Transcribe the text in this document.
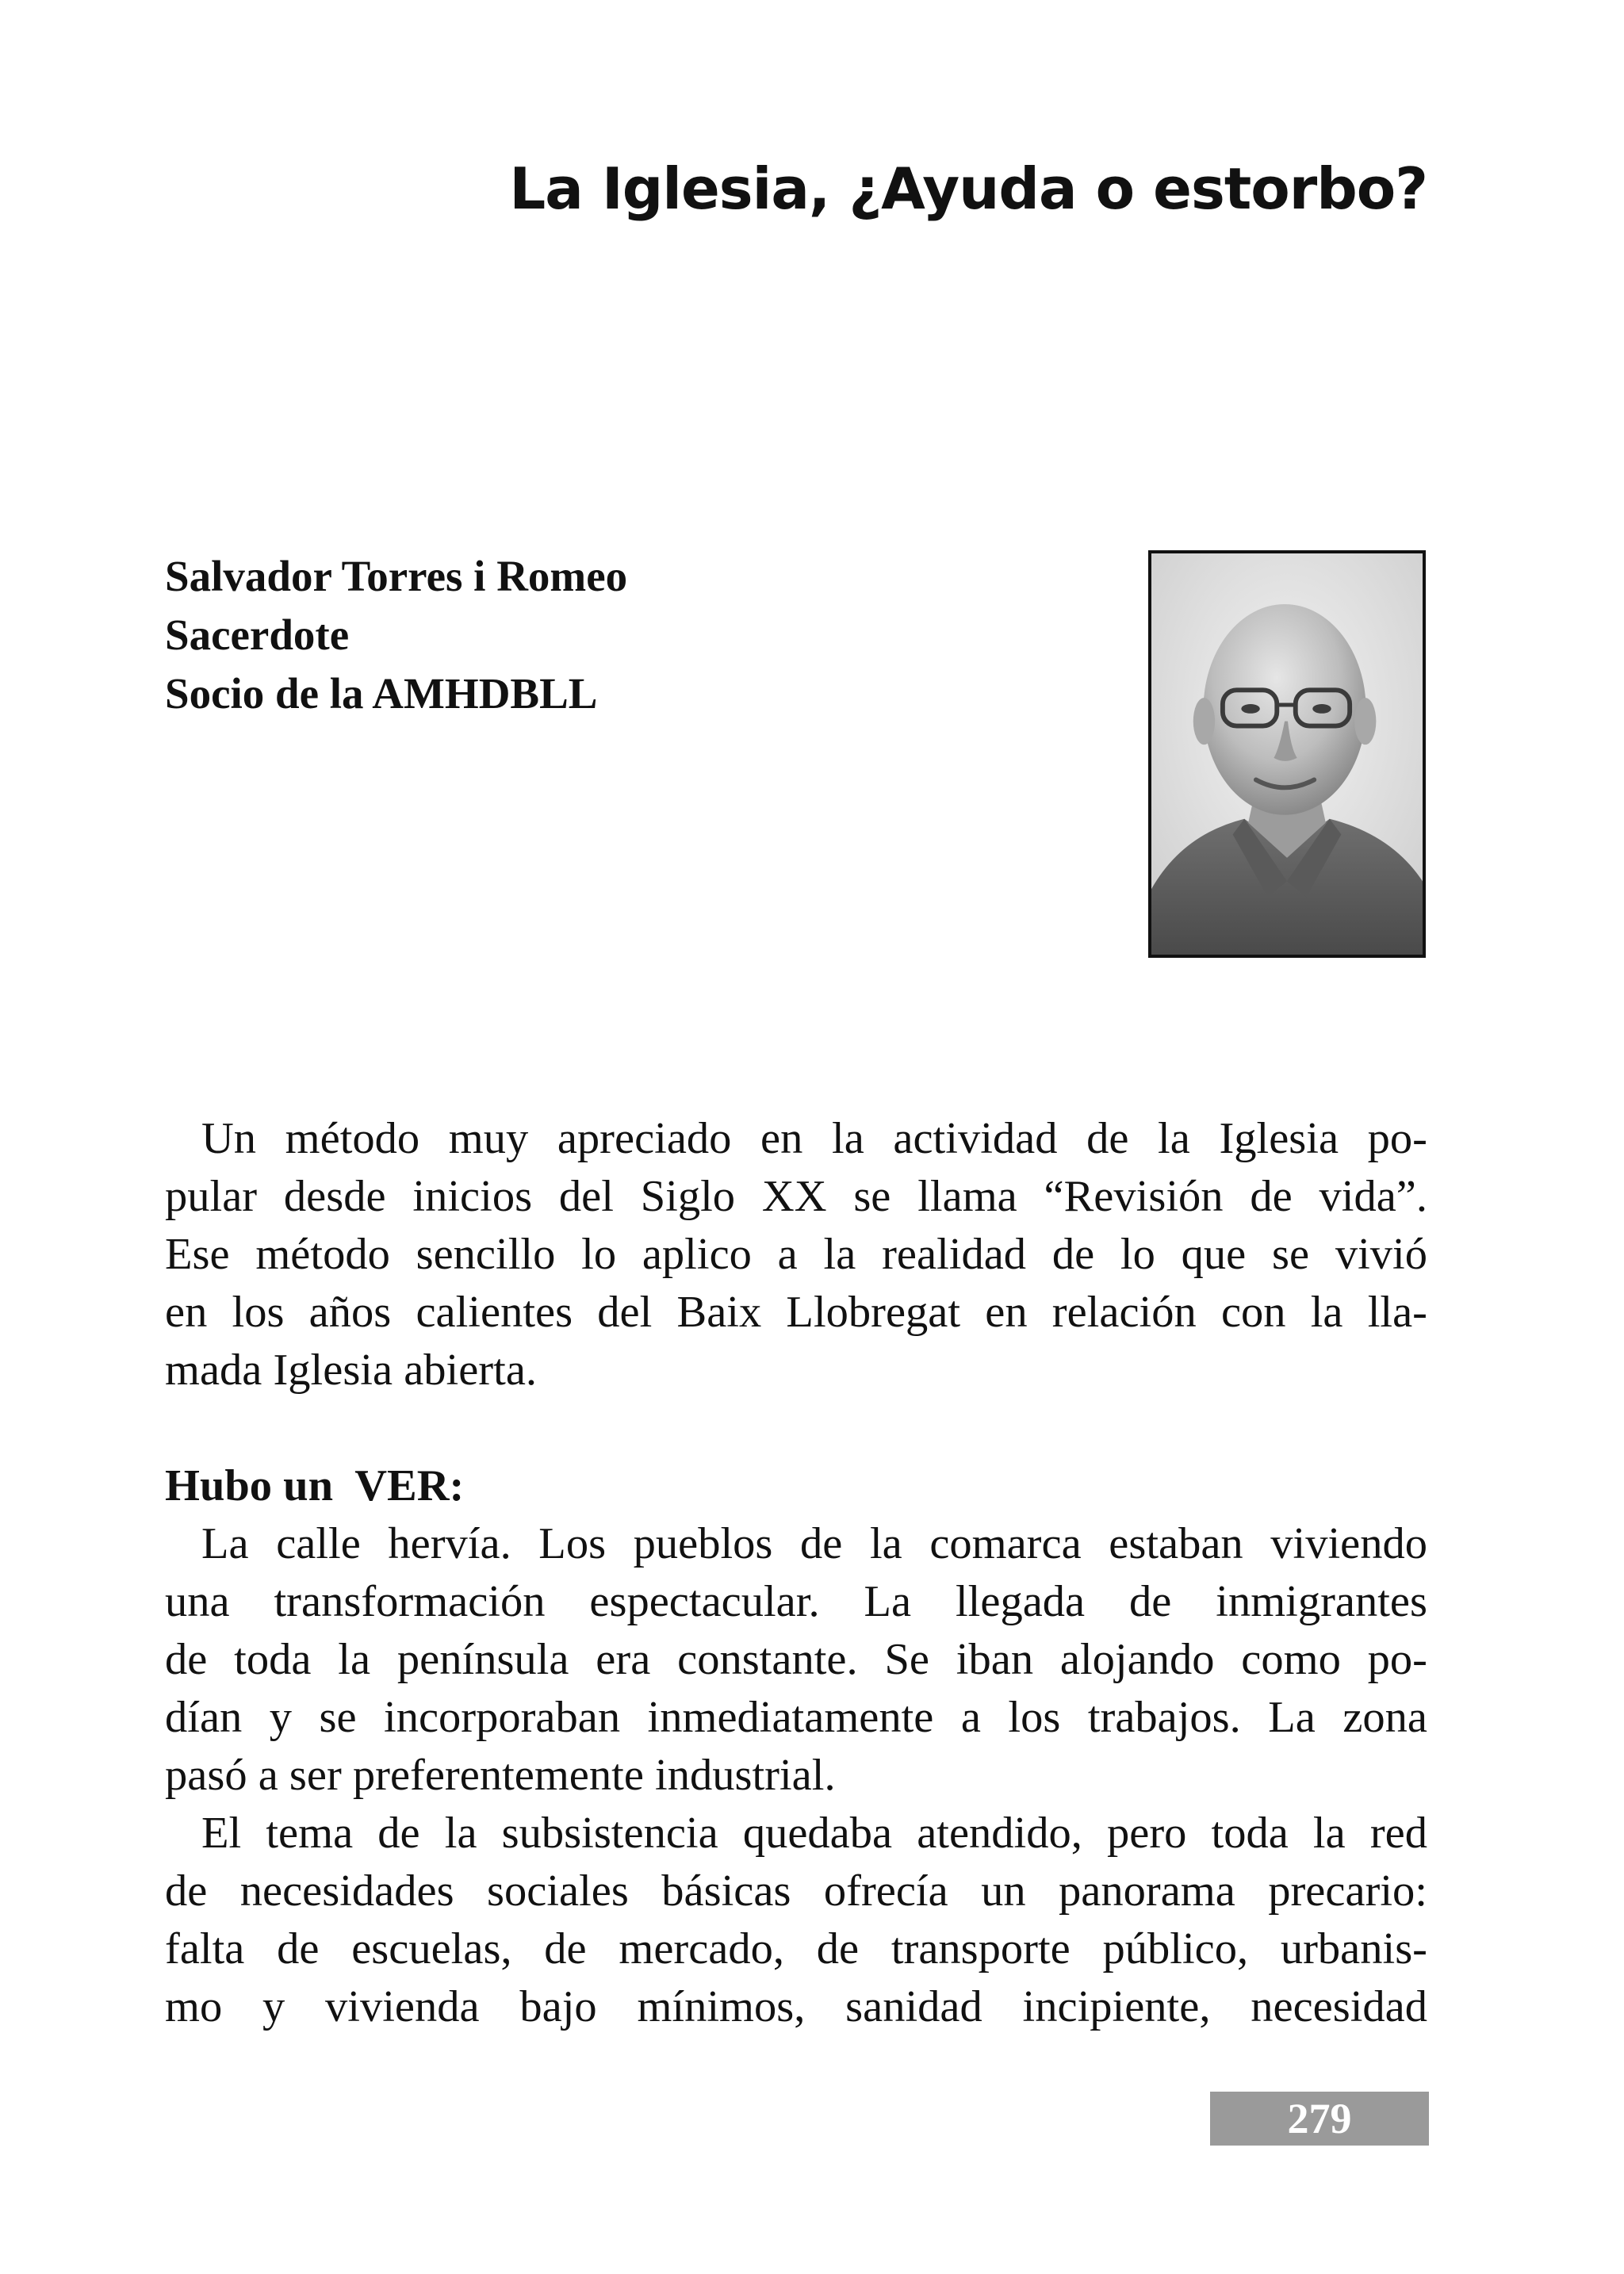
La Iglesia, ¿Ayuda o estorbo?
Salvador Torres i Romeo
Sacerdote
Socio de la AMHDBLL
Un método muy apreciado en la actividad de la Iglesia po-
pular desde inicios del Siglo XX se llama “Revisión de vida”.
Ese método sencillo lo aplico a la realidad de lo que se vivió
en los años calientes del Baix Llobregat en relación con la lla-
mada Iglesia abierta.
Hubo un  VER:
La calle hervía. Los pueblos de la comarca estaban viviendo
una transformación espectacular. La llegada de inmigrantes
de toda la península era constante. Se iban alojando como po-
dían y se incorporaban inmediatamente a los trabajos. La zona
pasó a ser preferentemente industrial.
El tema de la subsistencia quedaba atendido, pero toda la red
de necesidades sociales básicas ofrecía un panorama precario:
falta de escuelas, de mercado, de transporte público, urbanis-
mo y vivienda bajo mínimos, sanidad incipiente, necesidad
279
